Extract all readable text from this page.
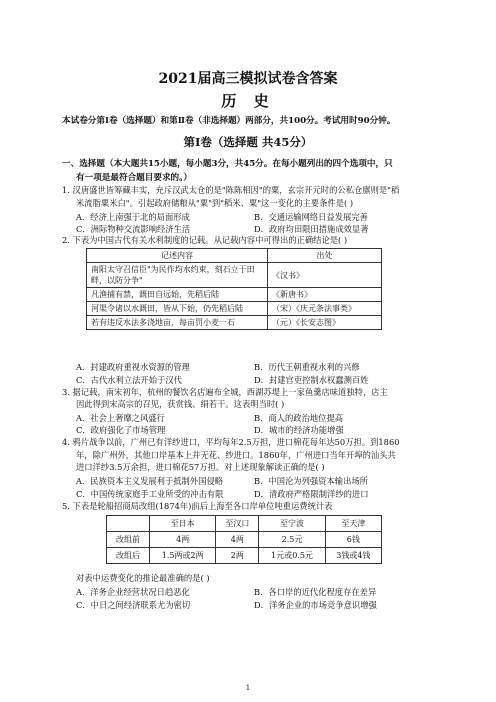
2021届高三模拟试卷含答案
历 史
本试卷分第Ⅰ卷（选择题）和第Ⅱ卷（非选择题）两部分，共100分。考试用时90分钟。
第Ⅰ卷（选择题 共45分）
一、选择题（本大题共15小题，每小题3分，共45分。在每小题列出的四个选项中，只
有一项是最符合题目要求的。）
1. 汉唐盛世皆筹藏丰实，充斥汉武太仓的是"陈陈相因"的粟，玄宗开元时的公私仓廪则是"稻
米流脂粟米白"。引起政府储粮从"粟"到"稻米、粟"这一变化的主要条件是( )
A．经济上南强于北的局面形成	B．交通运输网络日益发展完善
C．洲际物种交流影响经济生活	D．政府均田限田措施成效显著
2. 下表为中国古代有关水利制度的记载。从记载内容中可得出的正确结论是( )
记述内容	出处
南阳太守召信臣"为民作均水约束，刻石立于田畔，以防分争"	《汉书》
凡渔捕有禁，溉田自远始，先稻后陆	《新唐书》
河渠令诸以水溉田，皆从下始，仍先稻后陆	（宋）《庆元条法事类》
若有违反水法多浇地亩，每亩罚小麦一石	（元）《长安志图》
A．封建政府重视水资源的管理	B．历代王朝重视水利的兴修
C．古代水利立法开始于汉代	D．封建官吏控制水权蠢测百姓
3. 据记载，南宋初年，杭州的餐饮名店遍布全城，西湖苏堤上一家鱼羹店味道独特，店主
因此得到宋高宗的召见，获赏钱、绢若干。这表明当时( )
A．社会上奢靡之风盛行	B．商人的政治地位提高
C．政府强化了市场管理	D．城市的经济功能增强
4. 鸦片战争以前，广州已有洋纱进口，平均每年2.5万担，进口棉花每年达50万担。到1860
年，除广州外，其他口岸基本上并无花、纱进口。1860年，广州进口当年开埠的汕头共
进口洋纱3.5万余担，进口棉花57万担。对上述现象解读正确的是( )
A．民族资本主义发展利于抵制外国侵略	B．中国沦为列强资本输出场所
C．中国传统家庭手工业所受的冲击有限	D．清政府严格限制洋纱的进口
5. 下表是轮船招商局改组(1874年)前后上海至各口岸单位吨重运费统计表
	至日本	至汉口	至宁波	至天津
改组前	4两	4两	2.5元	6钱
改组后	1.5两或2两	2两	1元或0.5元	3钱或4钱
对表中运费变化的推论最准确的是( )
A．洋务企业经营状况日趋恶化	B．各口岸的近代化程度存在差异
C．中日之间经济联系尤为密切	D．洋务企业的市场竞争意识增强
1
